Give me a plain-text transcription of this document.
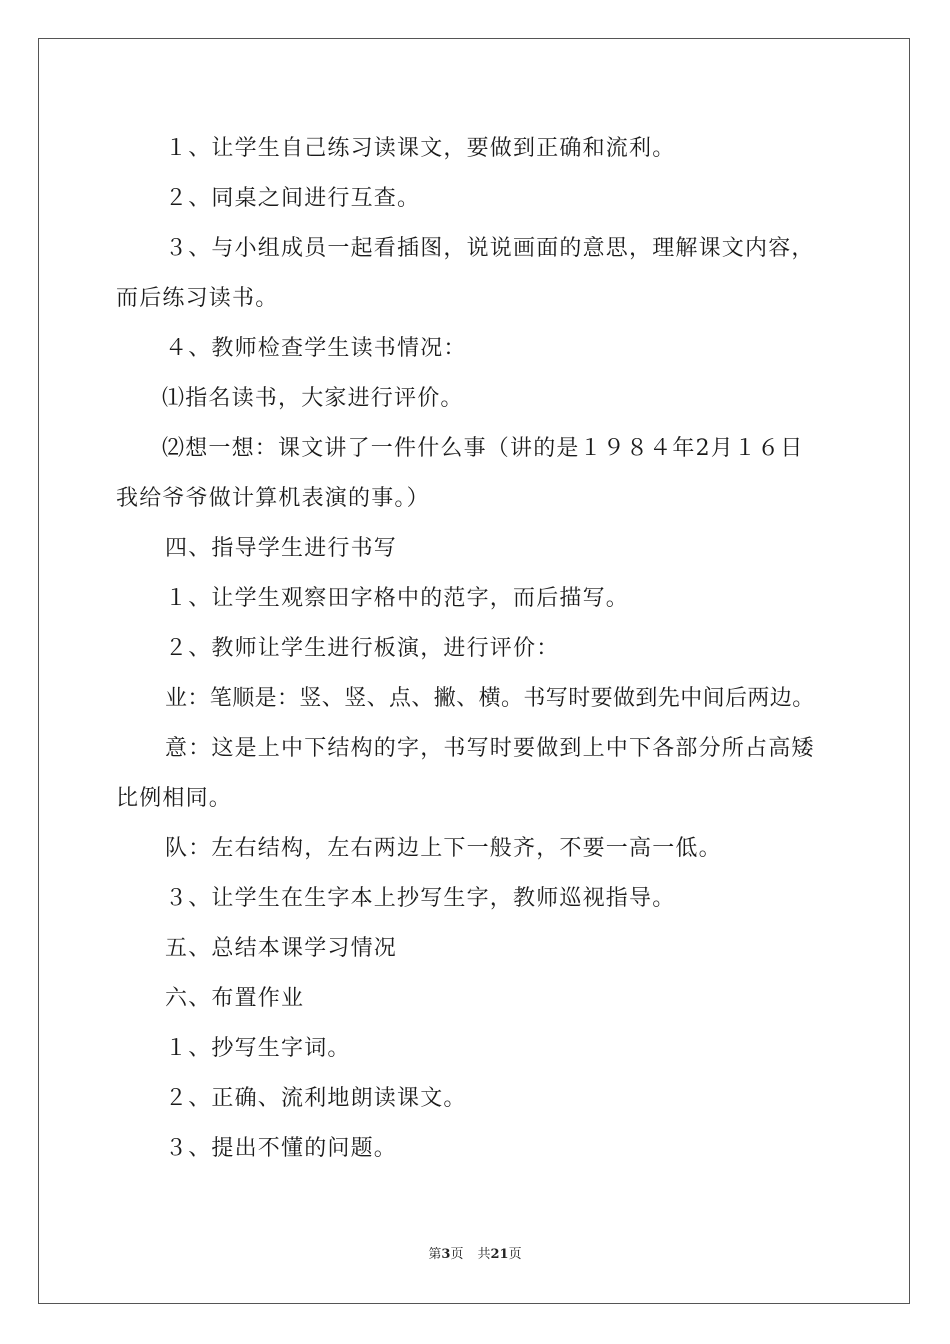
１、让学生自己练习读课文，要做到正确和流利。
２、同桌之间进行互查。
３、与小组成员一起看插图，说说画面的意思，理解课文内容，
而后练习读书。
４、教师检查学生读书情况：
⑴指名读书，大家进行评价。
⑵想一想：课文讲了一件什么事（讲的是１９８４年2月１６日
我给爷爷做计算机表演的事。）
四、指导学生进行书写
１、让学生观察田字格中的范字，而后描写。
２、教师让学生进行板演，进行评价：
业：笔顺是：竖、竖、点、撇、横。书写时要做到先中间后两边。
意：这是上中下结构的字，书写时要做到上中下各部分所占高矮
比例相同。
队：左右结构，左右两边上下一般齐，不要一高一低。
３、让学生在生字本上抄写生字，教师巡视指导。
五、总结本课学习情况
六、布置作业
１、抄写生字词。
２、正确、流利地朗读课文。
３、提出不懂的问题。
第3页 共21页
